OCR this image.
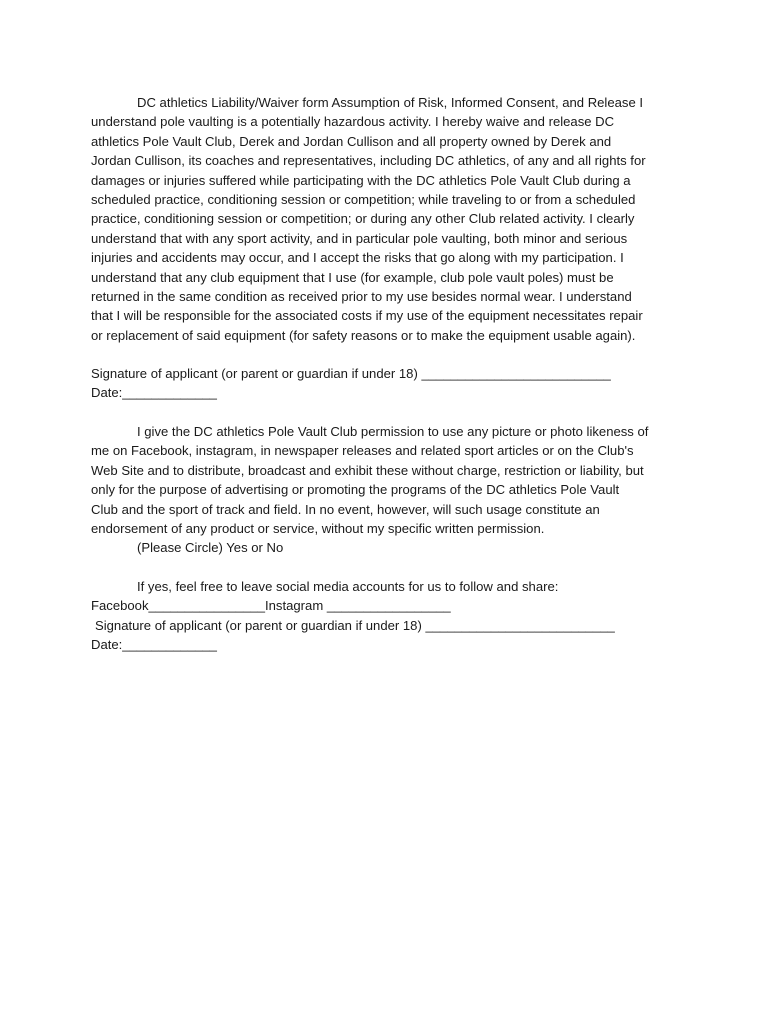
DC athletics Liability/Waiver form Assumption of Risk, Informed Consent, and Release I
understand pole vaulting is a potentially hazardous activity. I hereby waive and release DC
athletics Pole Vault Club, Derek and Jordan Cullison and all property owned by Derek and
Jordan Cullison, its coaches and representatives, including DC athletics, of any and all rights for
damages or injuries suffered while participating with the DC athletics Pole Vault Club during a
scheduled practice, conditioning session or competition; while traveling to or from a scheduled
practice, conditioning session or competition; or during any other Club related activity. I clearly
understand that with any sport activity, and in particular pole vaulting, both minor and serious
injuries and accidents may occur, and I accept the risks that go along with my participation. I
understand that any club equipment that I use (for example, club pole vault poles) must be
returned in the same condition as received prior to my use besides normal wear. I understand
that I will be responsible for the associated costs if my use of the equipment necessitates repair
or replacement of said equipment (for safety reasons or to make the equipment usable again).
Signature of applicant (or parent or guardian if under 18) __________________________
Date:_____________
I give the DC athletics Pole Vault Club permission to use any picture or photo likeness of
me on Facebook, instagram, in newspaper releases and related sport articles or on the Club's
Web Site and to distribute, broadcast and exhibit these without charge, restriction or liability, but
only for the purpose of advertising or promoting the programs of the DC athletics Pole Vault
Club and the sport of track and field. In no event, however, will such usage constitute an
endorsement of any product or service, without my specific written permission.
(Please Circle) Yes or No
If yes, feel free to leave social media accounts for us to follow and share:
Facebook________________Instagram _________________
Signature of applicant (or parent or guardian if under 18) __________________________
Date:_____________
